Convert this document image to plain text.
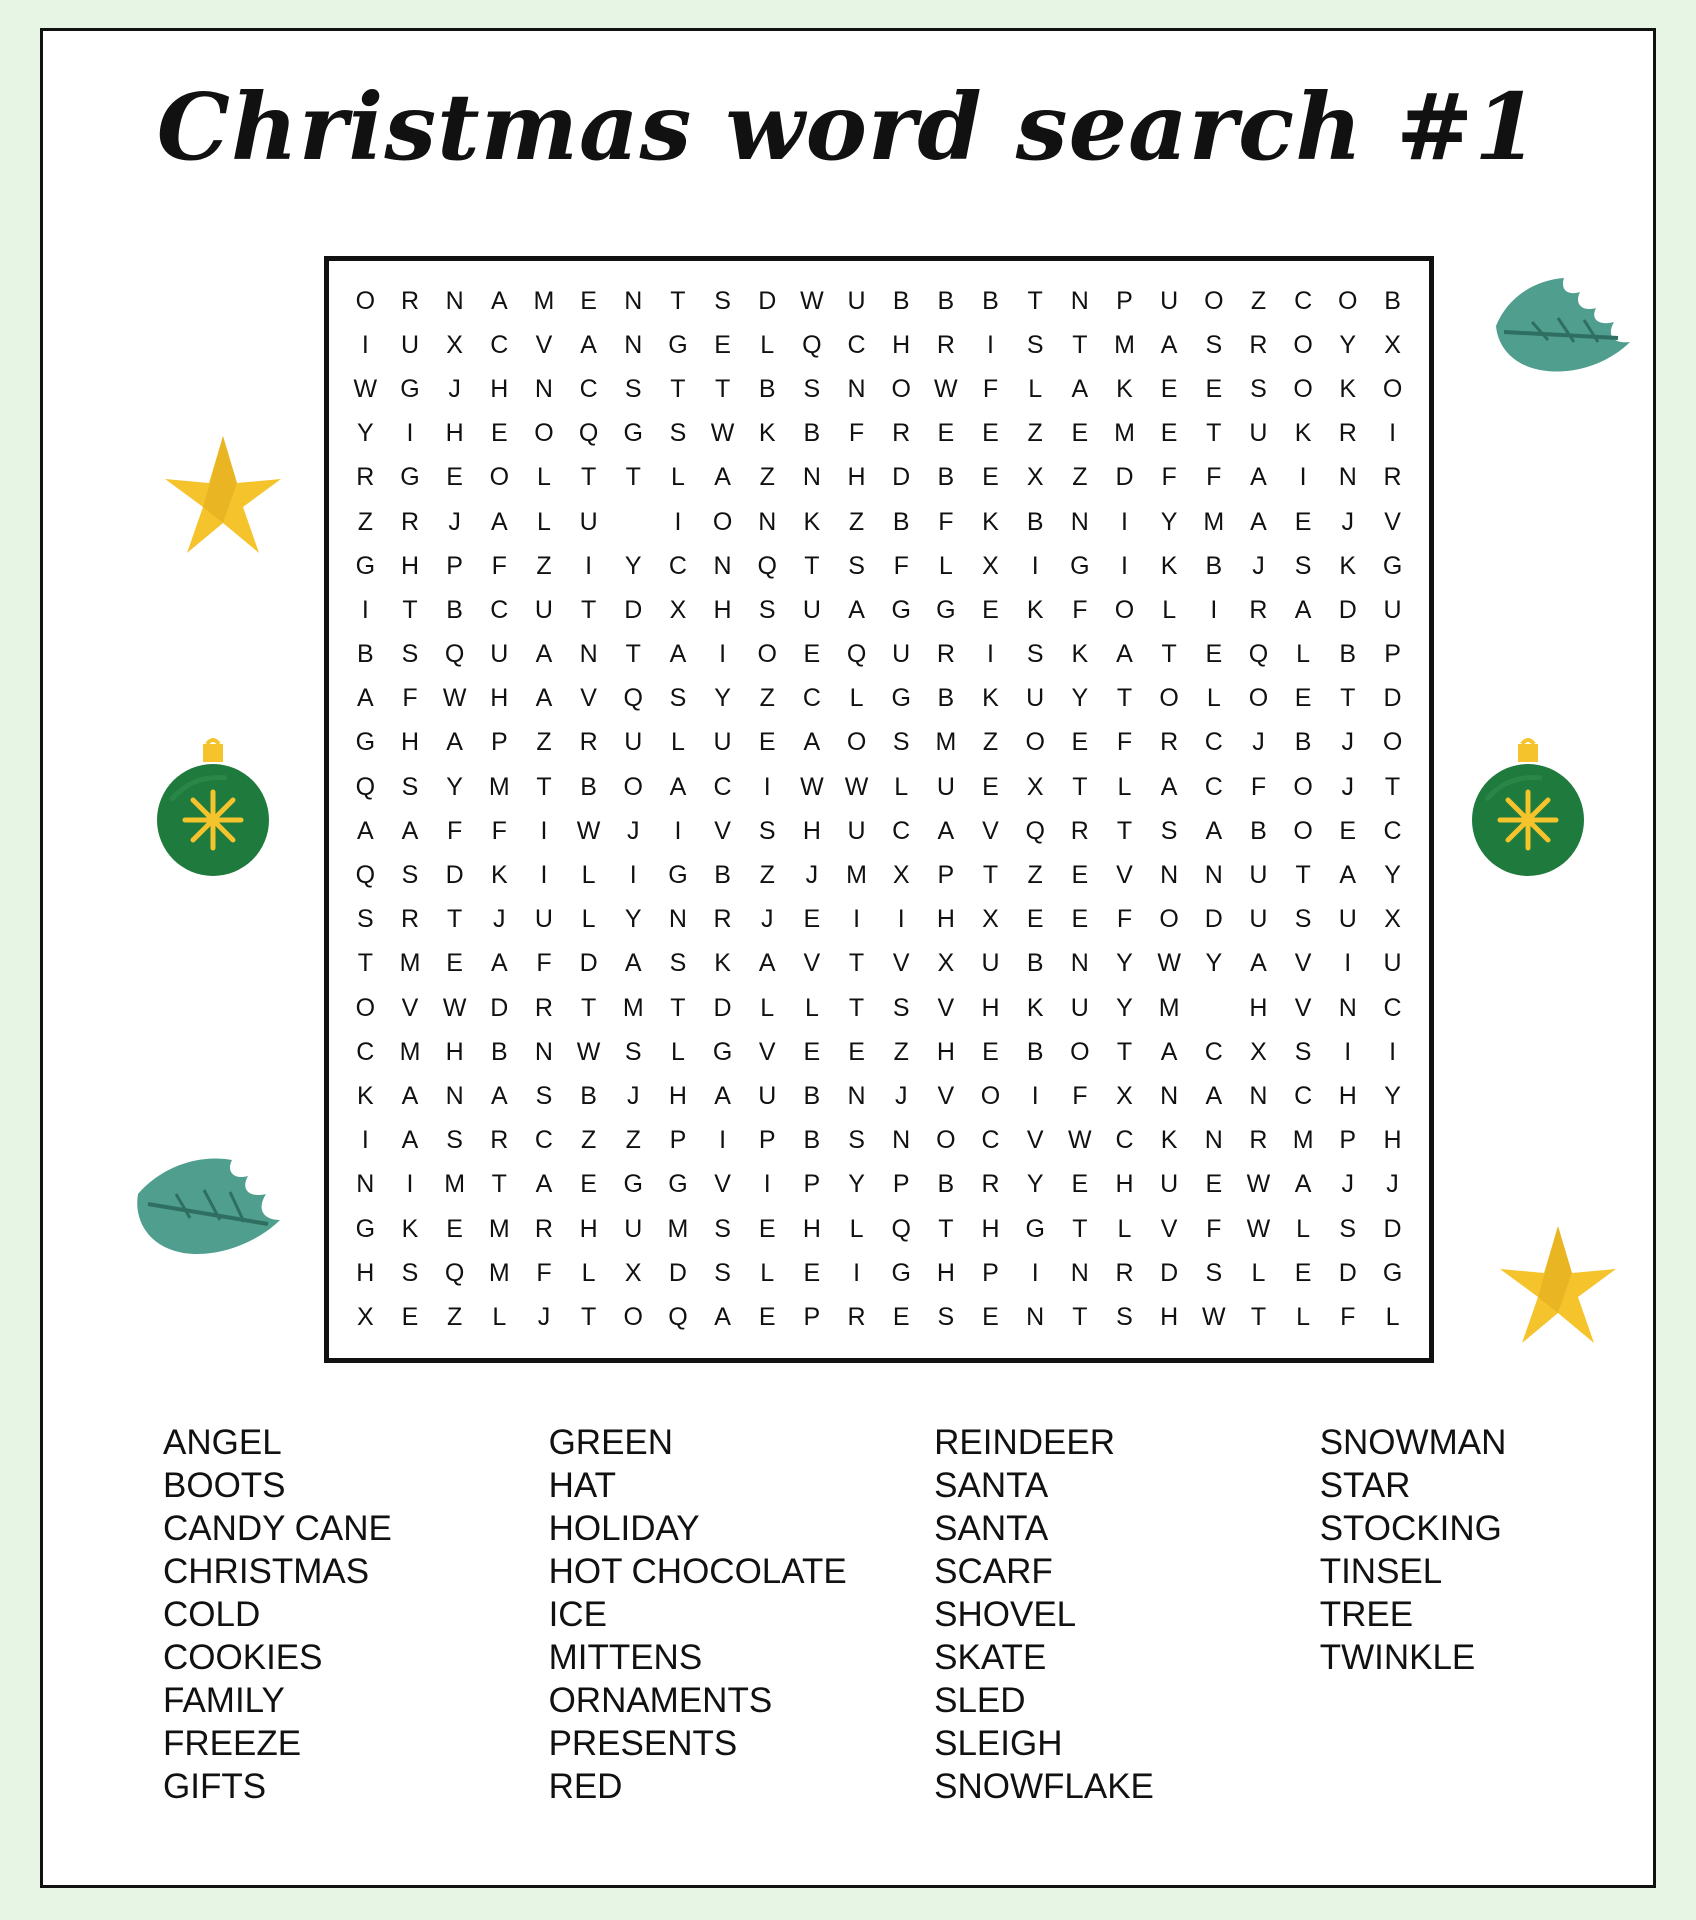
Christmas word search #1
O	R	N	A	M	E	N	T	S	D	W	U	B	B	B	T	N	P	U	O	Z	C	O	B
I	U	X	C	V	A	N	G	E	L	Q	C	H	R	I	S	T	M	A	S	R	O	Y	X
W	G	J	H	N	C	S	T	T	B	S	N	O	W	F	L	A	K	E	E	S	O	K	O
Y	I	H	E	O	Q	G	S	W	K	B	F	R	E	E	Z	E	M	E	T	U	K	R	I
R	G	E	O	L	T	T	L	A	Z	N	H	D	B	E	X	Z	D	F	F	A	I	N	R
Z	R	J	A	L	U		I	O	N	K	Z	B	F	K	B	N	I	Y	M	A	E	J	V
G	H	P	F	Z	I	Y	C	N	Q	T	S	F	L	X	I	G	I	K	B	J	S	K	G
I	T	B	C	U	T	D	X	H	S	U	A	G	G	E	K	F	O	L	I	R	A	D	U
B	S	Q	U	A	N	T	A	I	O	E	Q	U	R	I	S	K	A	T	E	Q	L	B	P
A	F	W	H	A	V	Q	S	Y	Z	C	L	G	B	K	U	Y	T	O	L	O	E	T	D
G	H	A	P	Z	R	U	L	U	E	A	O	S	M	Z	O	E	F	R	C	J	B	J	O
Q	S	Y	M	T	B	O	A	C	I	W	W	L	U	E	X	T	L	A	C	F	O	J	T
A	A	F	F	I	W	J	I	V	S	H	U	C	A	V	Q	R	T	S	A	B	O	E	C
Q	S	D	K	I	L	I	G	B	Z	J	M	X	P	T	Z	E	V	N	N	U	T	A	Y
S	R	T	J	U	L	Y	N	R	J	E	I	I	H	X	E	E	F	O	D	U	S	U	X
T	M	E	A	F	D	A	S	K	A	V	T	V	X	U	B	N	Y	W	Y	A	V	I	U
O	V	W	D	R	T	M	T	D	L	L	T	S	V	H	K	U	Y	M		H	V	N	C
C	M	H	B	N	W	S	L	G	V	E	E	Z	H	E	B	O	T	A	C	X	S	I	I
K	A	N	A	S	B	J	H	A	U	B	N	J	V	O	I	F	X	N	A	N	C	H	Y
I	A	S	R	C	Z	Z	P	I	P	B	S	N	O	C	V	W	C	K	N	R	M	P	H
N	I	M	T	A	E	G	G	V	I	P	Y	P	B	R	Y	E	H	U	E	W	A	J	J
G	K	E	M	R	H	U	M	S	E	H	L	Q	T	H	G	T	L	V	F	W	L	S	D
H	S	Q	M	F	L	X	D	S	L	E	I	G	H	P	I	N	R	D	S	L	E	D	G
X	E	Z	L	J	T	O	Q	A	E	P	R	E	S	E	N	T	S	H	W	T	L	F	L
ANGEL
BOOTS
CANDY CANE
CHRISTMAS
COLD
COOKIES
FAMILY
FREEZE
GIFTS
GREEN
HAT
HOLIDAY
HOT CHOCOLATE
ICE
MITTENS
ORNAMENTS
PRESENTS
RED
REINDEER
SANTA
SANTA
SCARF
SHOVEL
SKATE
SLED
SLEIGH
SNOWFLAKE
SNOWMAN
STAR
STOCKING
TINSEL
TREE
TWINKLE
